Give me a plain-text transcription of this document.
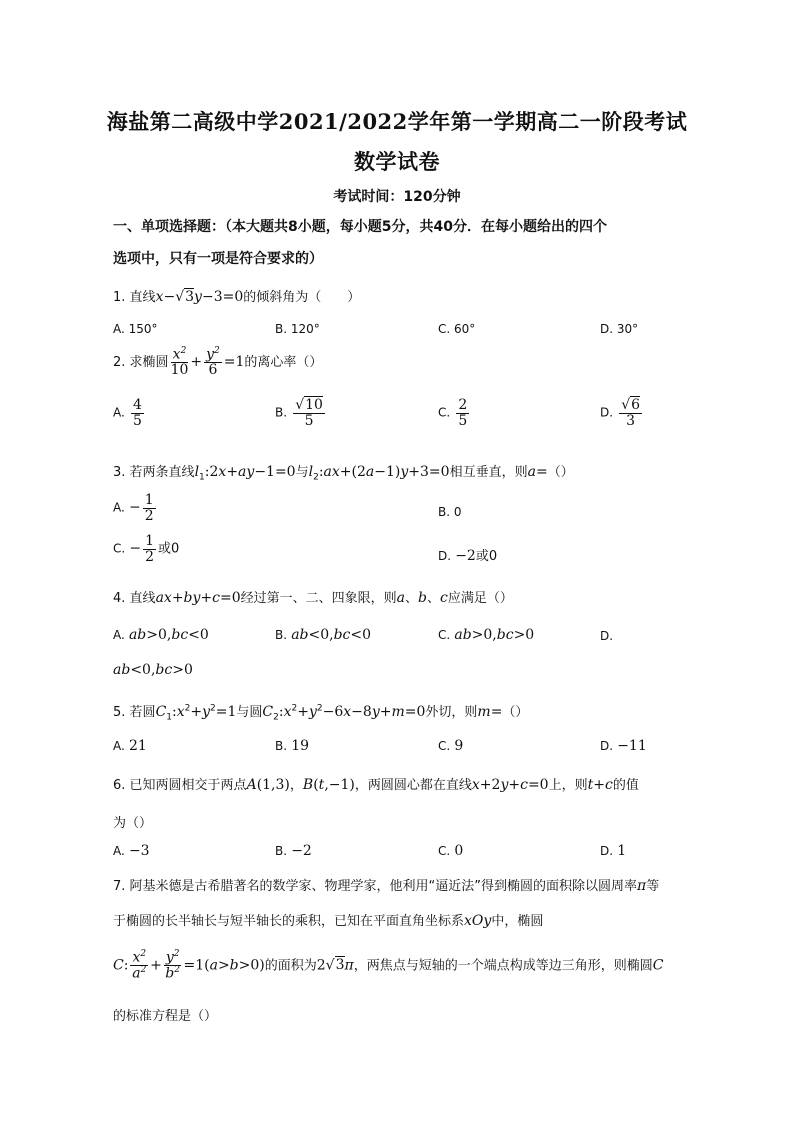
海盐第二高级中学2021/2022学年第一学期高二一阶段考试
数学试卷
考试时间：120分钟
一、单项选择题：（本大题共8小题，每小题5分，共40分．在每小题给出的四个
选项中，只有一项是符合要求的）
1. 直线x−√3y−3=0的倾斜角为（　　）
A. 150°	B. 120°	C. 60°	D. 30°
2. 求椭圆 $\frac{x^2}{10} + \frac{y^2}{6} =1$的离心率（）
A. $\frac{4}{5}$	B. $\frac{√10}{5}$	C. $\frac{2}{5}$	D. $\frac{√6}{3}$
3. 若两条直线$l_1:2x+ay-1=0$与$l_2:ax+(2a-1)y+3=0$相互垂直，则a=（）
A. − $\frac{1}{2}$	B. 0
C. − $\frac{1}{2}$ 或0	D. −2或0
4. 直线ax+by+c=0经过第一、二、四象限，则a、b、c应满足（）
A. ab>0,bc<0	B. ab<0,bc<0	C. ab>0,bc>0	D.
ab<0,bc>0
5. 若圆$C_1:x^2+y^2=1$与圆$C_2:x^2+y^2-6x-8y+m=0$外切，则m=（）
A. 21	B. 19	C. 9	D. −11
6. 已知两圆相交于两点A(1,3)，B(t,−1)，两圆圆心都在直线x+2y+c=0上，则t+c的值
为（）
A. −3	B. −2	C. 0	D. 1
7. 阿基米德是古希腊著名的数学家、物理学家，他利用“逼近法”得到椭圆的面积除以圆周率π等
于椭圆的长半轴长与短半轴长的乘积，已知在平面直角坐标系xOy中，椭圆
C: $\frac{x^2}{a^2} + \frac{y^2}{b^2} =1(a>b>0)$的面积为2√3π，两焦点与短轴的一个端点构成等边三角形，则椭圆C
的标准方程是（）
